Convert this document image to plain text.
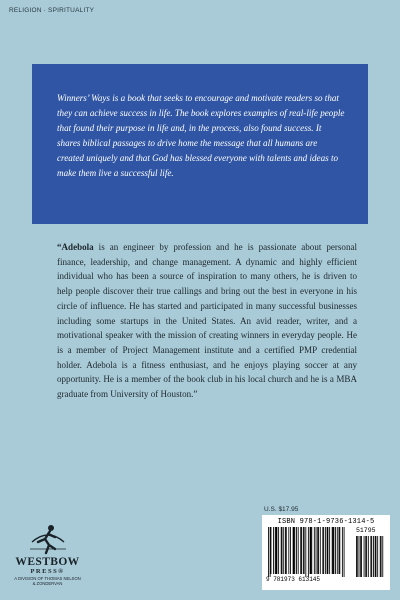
RELIGION · SPIRITUALITY

Winners’ Ways is a book that seeks to encourage and motivate readers so that they can achieve success in life. The book explores examples of real-life people that found their purpose in life and, in the process, also found success. It shares biblical passages to drive home the message that all humans are created uniquely and that God has blessed everyone with talents and ideas to make them live a successful life.

“Adebola is an engineer by profession and he is passionate about personal finance, leadership, and change management. A dynamic and highly efficient individual who has been a source of inspiration to many others, he is driven to help people discover their true callings and bring out the best in everyone in his circle of influence. He has started and participated in many successful businesses including some startups in the United States. An avid reader, writer, and a motivational speaker with the mission of creating winners in everyday people. He is a member of Project Management institute and a certified PMP credential holder. Adebola is a fitness enthusiast, and he enjoys playing soccer at any opportunity. He is a member of the book club in his local church and he is a MBA graduate from University of Houston.”
WESTBOW
PRESS®
A DIVISION OF THOMAS NELSON
& ZONDERVAN
U.S. $17.95
ISBN 978-1-9736-1314-5
9 781973 613145
51795
